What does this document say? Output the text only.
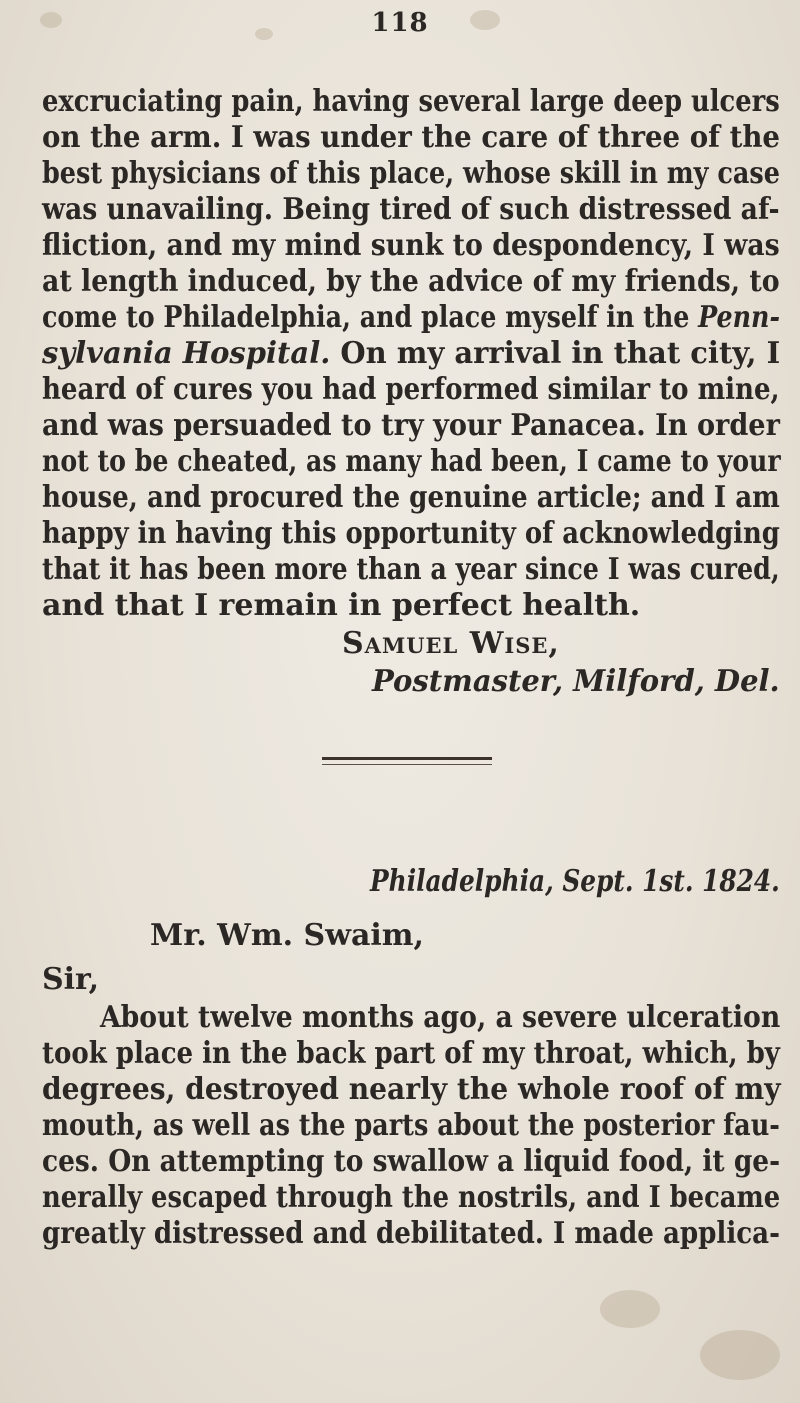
118
excruciating pain, having several large deep ulcers
on the arm. I was under the care of three of the
best physicians of this place, whose skill in my case
was unavailing. Being tired of such distressed af-
fliction, and my mind sunk to despondency, I was
at length induced, by the advice of my friends, to
come to Philadelphia, and place myself in the Penn-
sylvania Hospital. On my arrival in that city, I
heard of cures you had performed similar to mine,
and was persuaded to try your Panacea. In order
not to be cheated, as many had been, I came to your
house, and procured the genuine article; and I am
happy in having this opportunity of acknowledging
that it has been more than a year since I was cured,
and that I remain in perfect health.
Samuel Wise,
Postmaster, Milford, Del.
Philadelphia, Sept. 1st. 1824.
Mr. Wm. Swaim,
Sir,
About twelve months ago, a severe ulceration
took place in the back part of my throat, which, by
degrees, destroyed nearly the whole roof of my
mouth, as well as the parts about the posterior fau-
ces. On attempting to swallow a liquid food, it ge-
nerally escaped through the nostrils, and I became
greatly distressed and debilitated. I made applica-
